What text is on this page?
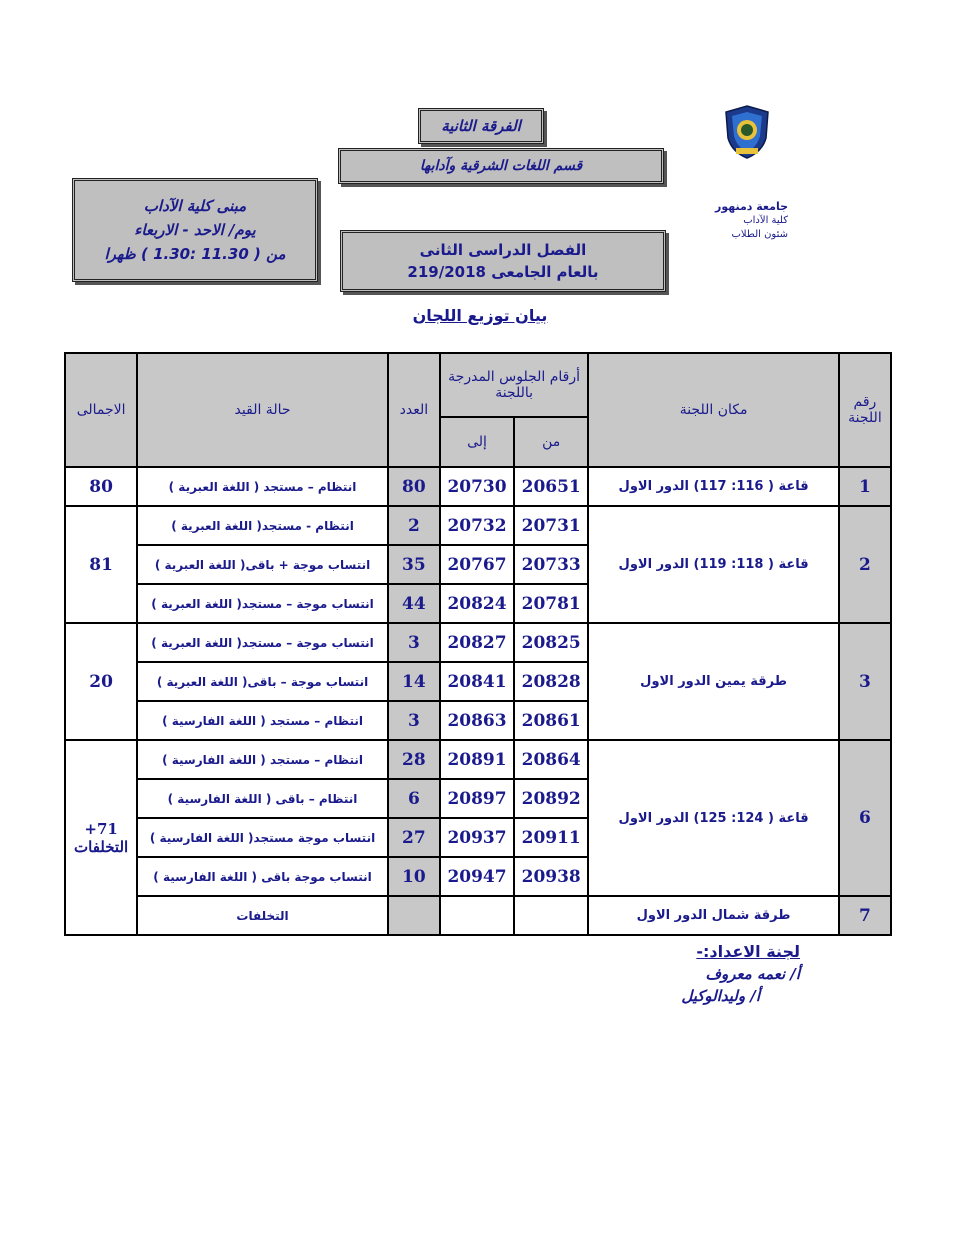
الفرقة الثانية
قسم اللغات الشرقية وآدابها
مبنى كلية الآداب
يوم/ الاحد - الاربعاء
من ( 11.30 :1.30 ) ظهرا	الفصل الدراسى الثانى
بالعام الجامعى 219/2018
جامعة دمنهور
كلية الآداب
شئون الطلاب
بيان توزيع اللجان
رقم اللجنة	مكان اللجنة	أرقام الجلوس المدرجة باللجنة		العدد	حالة القيد	الاجمالى
		من	إلى			
1	قاعة ( 116: 117) الدور الاول	20651	20730	80	انتظام – مستجد ( اللغة العبرية )	80
2	قاعة ( 118: 119) الدور الاول	20731	20732	2	انتظام - مستجد( اللغة العبرية )	81
		20733	20767	35	انتساب موجة + باقى( اللغة العبرية )	
		20781	20824	44	انتساب موجة – مستجد( اللغة العبرية )	
3	طرقة يمين الدور الاول	20825	20827	3	انتساب موجة – مستجد( اللغة العبرية )	20
		20828	20841	14	انتساب موجة – باقى( اللغة العبرية )	
		20861	20863	3	انتظام – مستجد ( اللغة الفارسية )	
6	قاعة ( 124: 125) الدور الاول	20864	20891	28	انتظام – مستجد ( اللغة الفارسية )	71+ التخلفات
		20892	20897	6	انتظام – باقى ( اللغة الفارسية )	
		20911	20937	27	انتساب موجة مستجد( اللغة الفارسية )	
		20938	20947	10	انتساب موجة باقى ( اللغة الفارسية )	
7	طرقة شمال الدور الاول				التخلفات	
لجنة الاعداد:-
أ/ نعمه معروف
أ/ وليدالوكيل
